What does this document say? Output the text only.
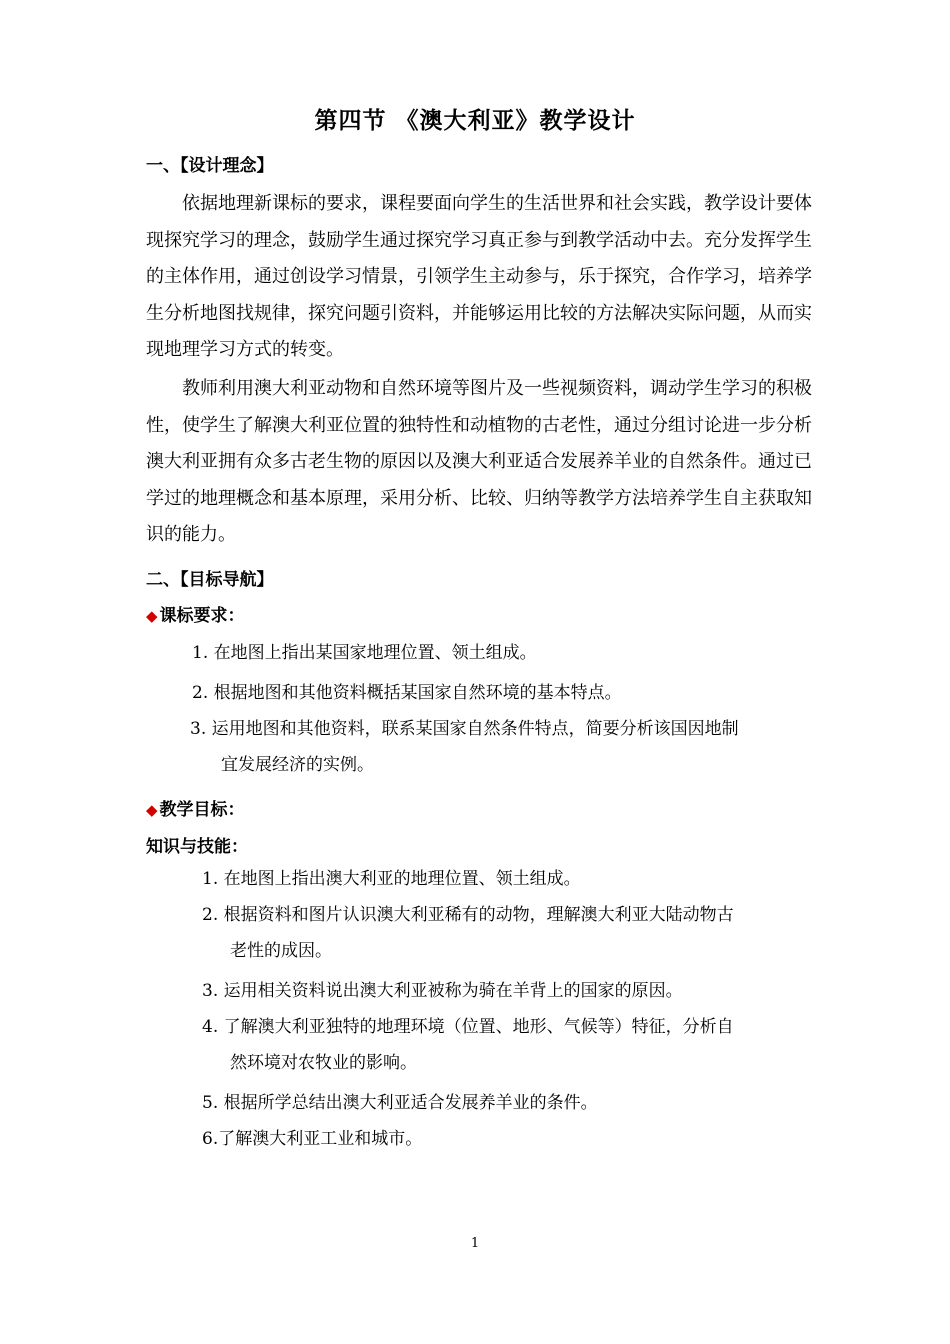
第四节 《澳大利亚》教学设计
一、【设计理念】
依据地理新课标的要求，课程要面向学生的生活世界和社会实践，教学设计要体现探究学习的理念，鼓励学生通过探究学习真正参与到教学活动中去。充分发挥学生的主体作用，通过创设学习情景，引领学生主动参与，乐于探究，合作学习，培养学生分析地图找规律，探究问题引资料，并能够运用比较的方法解决实际问题，从而实现地理学习方式的转变。
教师利用澳大利亚动物和自然环境等图片及一些视频资料，调动学生学习的积极性，使学生了解澳大利亚位置的独特性和动植物的古老性，通过分组讨论进一步分析澳大利亚拥有众多古老生物的原因以及澳大利亚适合发展养羊业的自然条件。通过已学过的地理概念和基本原理，采用分析、比较、归纳等教学方法培养学生自主获取知识的能力。
二、【目标导航】
◆ 课标要求：
1. 在地图上指出某国家地理位置、领土组成。
2. 根据地图和其他资料概括某国家自然环境的基本特点。
3. 运用地图和其他资料，联系某国家自然条件特点，简要分析该国因地制
宜发展经济的实例。
◆ 教学目标：
知识与技能：
1. 在地图上指出澳大利亚的地理位置、领土组成。
2. 根据资料和图片认识澳大利亚稀有的动物，理解澳大利亚大陆动物古
老性的成因。
3. 运用相关资料说出澳大利亚被称为骑在羊背上的国家的原因。
4. 了解澳大利亚独特的地理环境（位置、地形、气候等）特征，分析自
然环境对农牧业的影响。
5. 根据所学总结出澳大利亚适合发展养羊业的条件。
6.了解澳大利亚工业和城市。
1
